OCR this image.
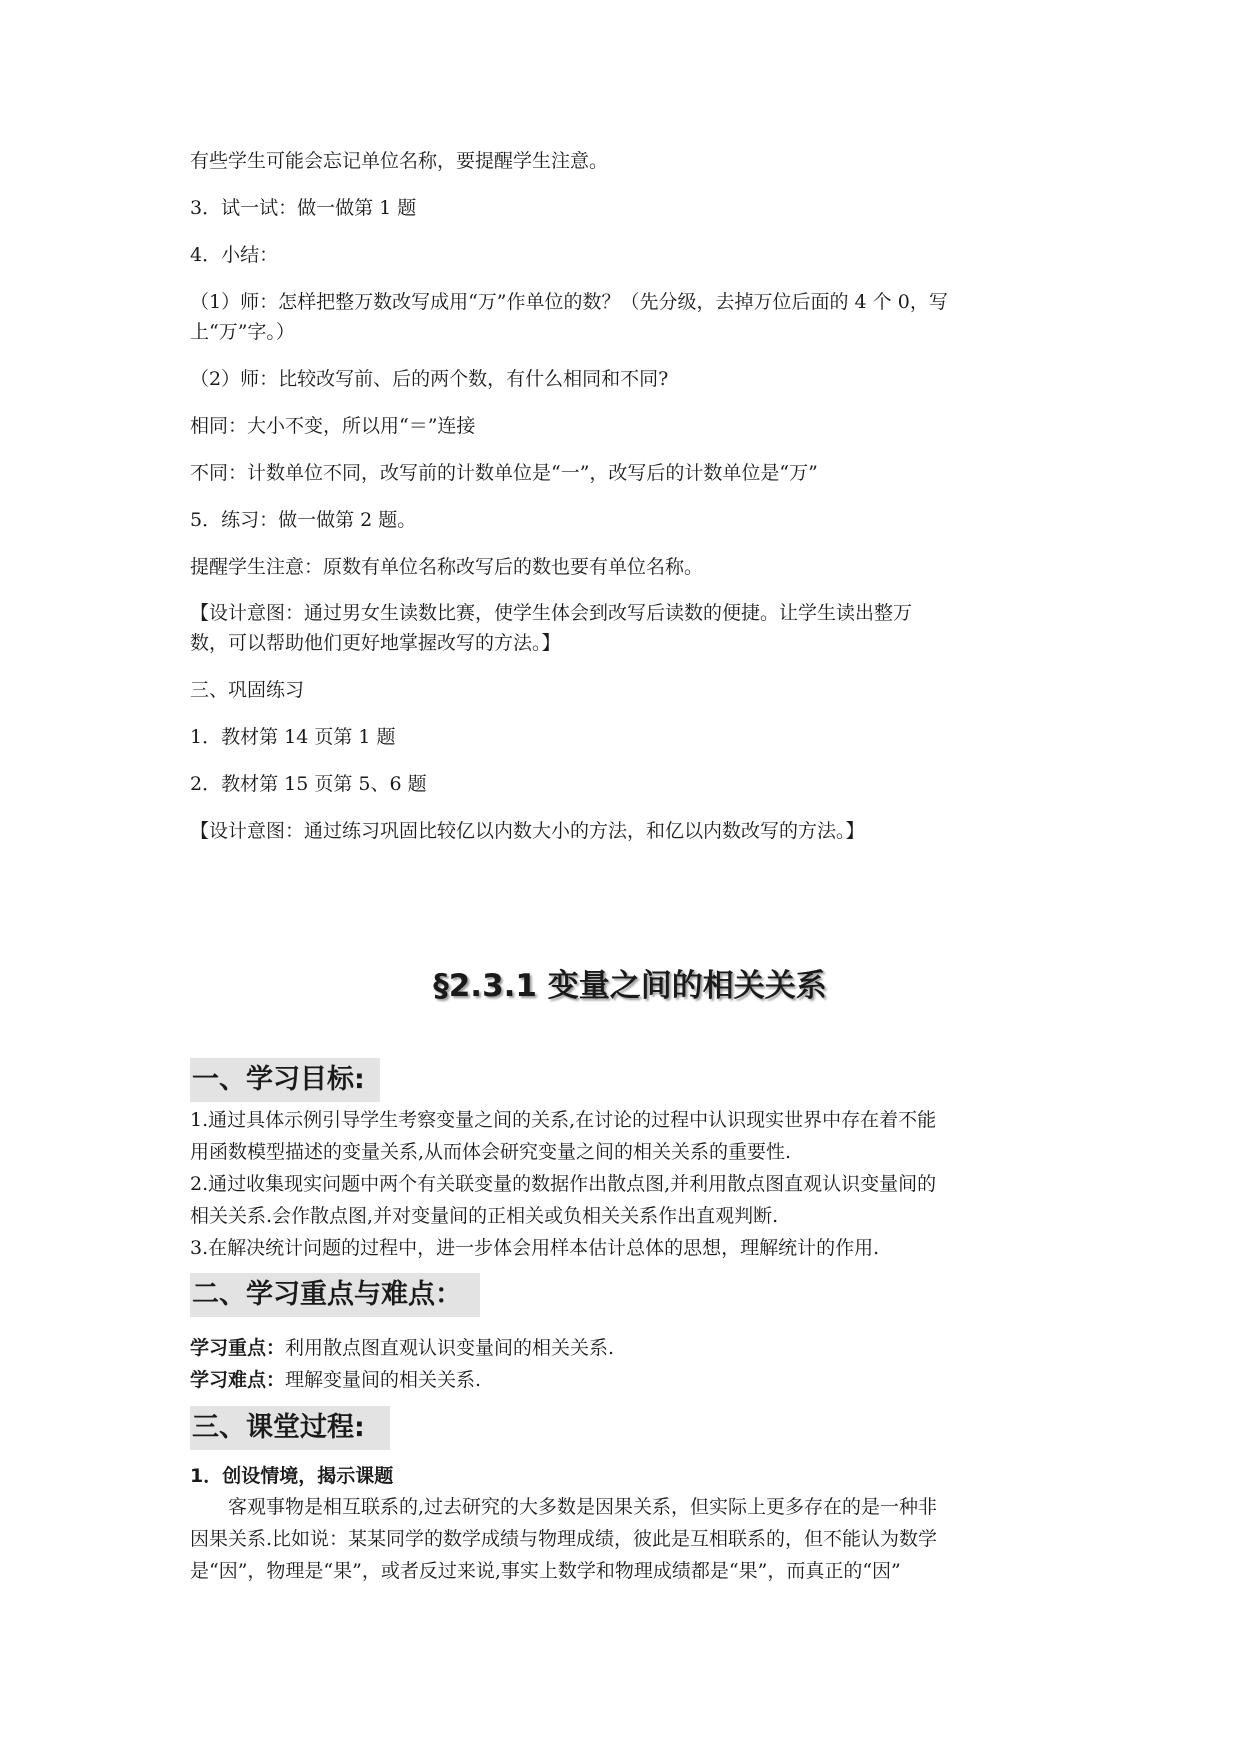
有些学生可能会忘记单位名称，要提醒学生注意。
3．试一试：做一做第 1 题
4．小结：
（1）师：怎样把整万数改写成用“万”作单位的数？（先分级，去掉万位后面的 4 个 0，写
上“万”字。）
（2）师：比较改写前、后的两个数，有什么相同和不同?
相同：大小不变，所以用“＝”连接
不同：计数单位不同，改写前的计数单位是“一”，改写后的计数单位是“万”
5．练习：做一做第 2 题。
提醒学生注意：原数有单位名称改写后的数也要有单位名称。
【设计意图：通过男女生读数比赛，使学生体会到改写后读数的便捷。让学生读出整万
数，可以帮助他们更好地掌握改写的方法。】
三、巩固练习
1．教材第 14 页第 1 题
2．教材第 15 页第 5、6 题
【设计意图：通过练习巩固比较亿以内数大小的方法，和亿以内数改写的方法。】
§2.3.1 变量之间的相关关系
一、学习目标:
1.通过具体示例引导学生考察变量之间的关系,在讨论的过程中认识现实世界中存在着不能
用函数模型描述的变量关系,从而体会研究变量之间的相关关系的重要性.
2.通过收集现实问题中两个有关联变量的数据作出散点图,并利用散点图直观认识变量间的
相关关系.会作散点图,并对变量间的正相关或负相关关系作出直观判断.
3.在解决统计问题的过程中，进一步体会用样本估计总体的思想，理解统计的作用.
二、学习重点与难点：
学习重点：利用散点图直观认识变量间的相关关系.
学习难点：理解变量间的相关关系.
三、课堂过程:
1．创设情境，揭示课题
客观事物是相互联系的,过去研究的大多数是因果关系，但实际上更多存在的是一种非
因果关系.比如说：某某同学的数学成绩与物理成绩，彼此是互相联系的，但不能认为数学
是“因”，物理是“果”，或者反过来说,事实上数学和物理成绩都是“果”，而真正的“因”
